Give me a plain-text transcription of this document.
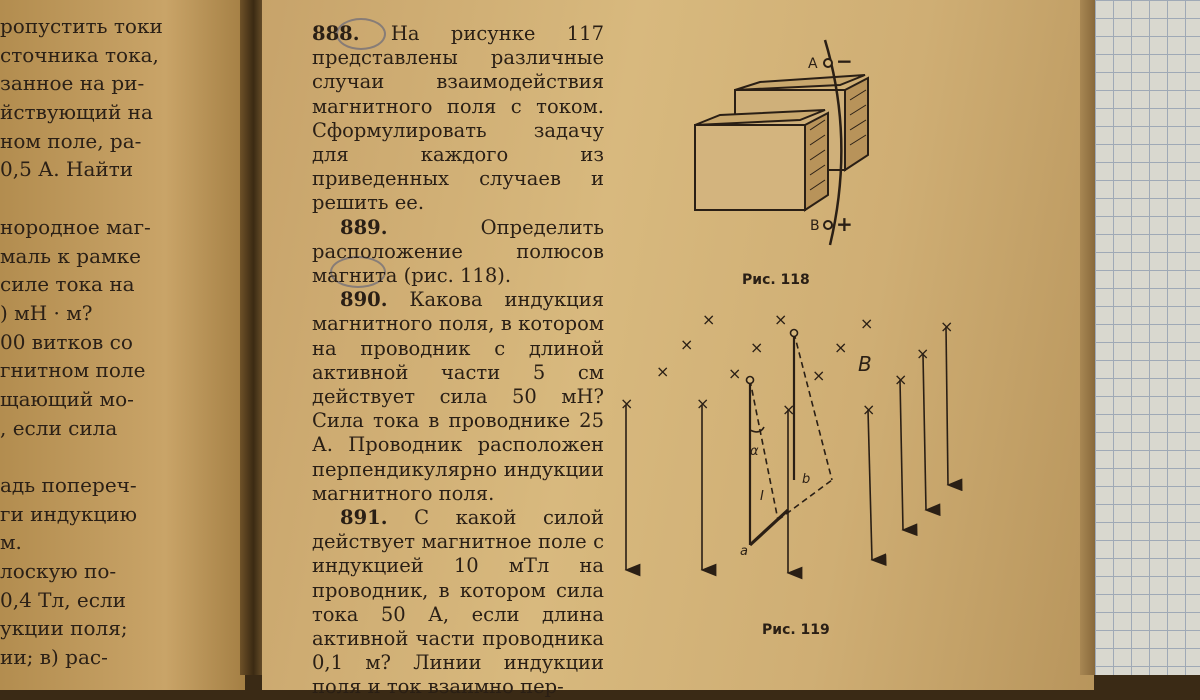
ропустить токи
сточника тока,
занное на ри-
йствующий на
ном поле, ра-
0,5 А. Найти
нородное маг-
маль к рамке
силе тока на
) мН · м?
00 витков со
гнитном поле
щающий мо-
, если сила
адь попереч-
ги индукцию
м.
лоскую по-
0,4 Тл, если
укции поля;
ии; в) рас-

888. На рисунке 117 представлены различные случаи взаимодействия магнитного поля с током. Сформулировать задачу для каждого из приведенных случаев и решить ее.

889.	Определить расположение полюсов магнита (рис. 118).

890. Какова индукция магнитного поля, в котором на проводник с длиной активной части 5 см действует сила 50 мН? Сила тока в проводнике 25 А. Проводник расположен перпендикулярно индукции магнитного поля.

891. С какой силой действует магнитное поле с индукцией 10 мТл на проводник, в котором сила тока 50 А, если длина активной части проводника 0,1 м? Линии индукции поля и ток взаимно пер-

A −
B +
Рис. 118
×
×
×
×
×
×
×
×
×
×	×	×	×
×
×
×
B
α
I
a
b
Рис. 119
